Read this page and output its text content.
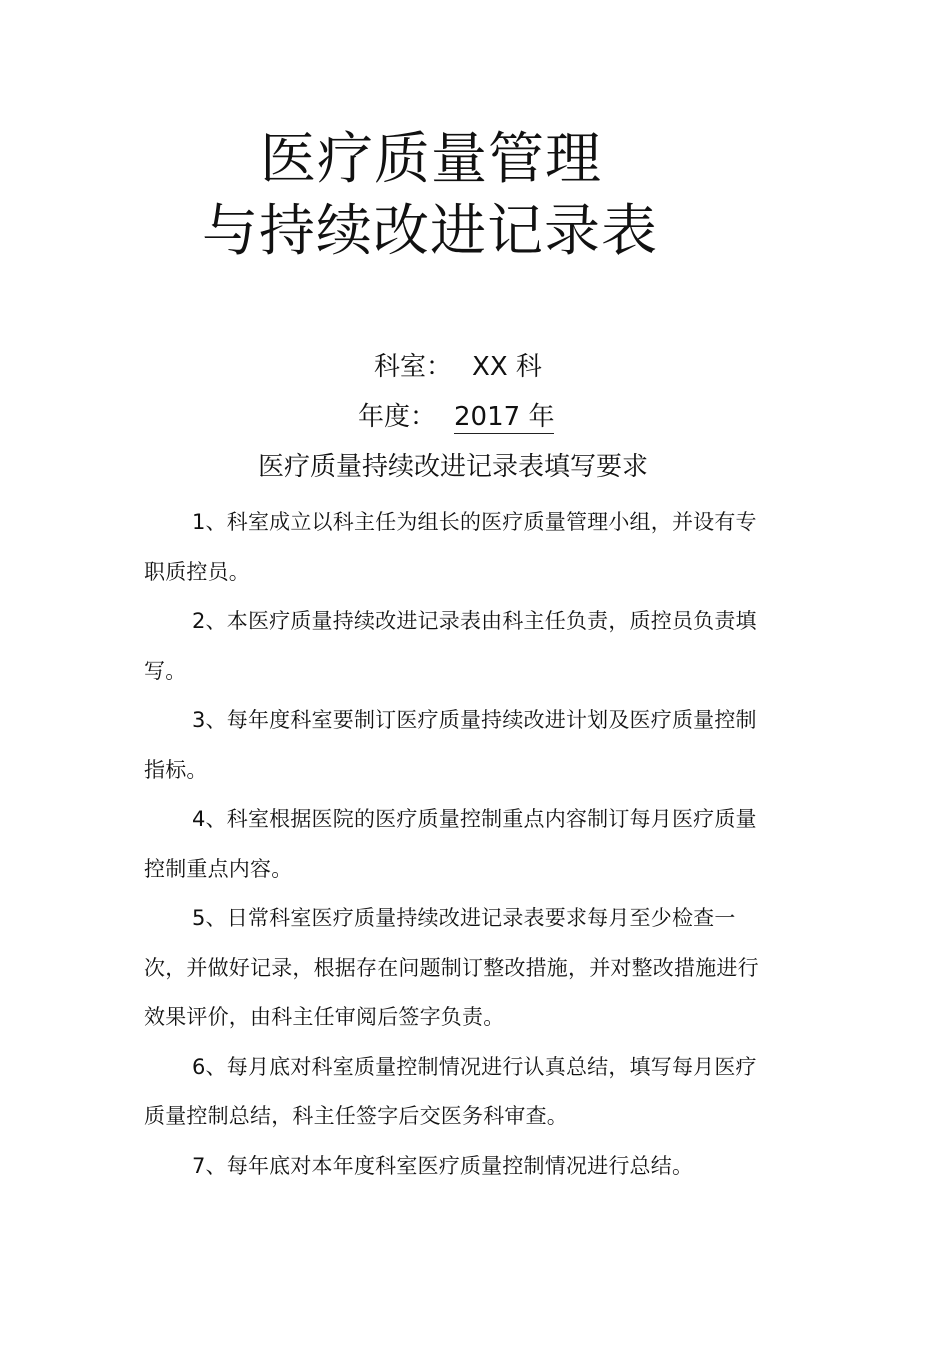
医疗质量管理
与持续改进记录表

科室： XX 科

年度： 2017 年

医疗质量持续改进记录表填写要求
1、科室成立以科主任为组长的医疗质量管理小组，并设有专职质控员。
2、本医疗质量持续改进记录表由科主任负责，质控员负责填写。
3、每年度科室要制订医疗质量持续改进计划及医疗质量控制指标。
4、科室根据医院的医疗质量控制重点内容制订每月医疗质量控制重点内容。
5、日常科室医疗质量持续改进记录表要求每月至少检查一次，并做好记录，根据存在问题制订整改措施，并对整改措施进行效果评价，由科主任审阅后签字负责。
6、每月底对科室质量控制情况进行认真总结，填写每月医疗质量控制总结，科主任签字后交医务科审查。
7、每年底对本年度科室医疗质量控制情况进行总结。
